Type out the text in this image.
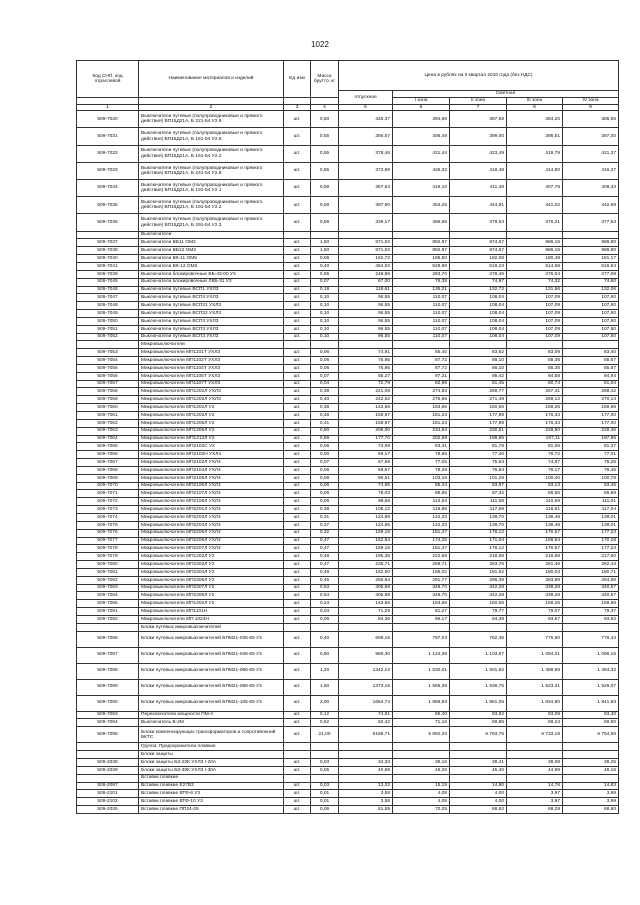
1022
Код СНП, код отраслевой	Наименование материалов и изделий	Ед изм	Масса брутто, кг	Цена в рублях на II квартал 2010 года (без НДС)				
				отпускная	Сметная			
					I зона	II зона	III зона	IV зона
1	2	3	4	5	6	7	8	9
509-7030	Выключатели путевые (полупроводниковые и прямого действия) ВП15Д21А, Б 221-54 У2.8	шт.	0,50	346,37	394,66	387,59	384,20	385,65
509-7031	Выключатели путевые (полупроводниковые и прямого действия) ВП15Д21А, Б 161-54 У2.8	шт.	0,55	356,57	406,49	399,00	395,51	397,00
509-7032	Выключатели путевые (полупроводниковые и прямого действия) ВП15Д21А, Б 161-54 У2.2	шт.	0,55	378,46	431,44	423,49	419,79	421,37
509-7033	Выключатели путевые (полупроводниковые и прямого действия) ВП15Д21А, Б 241-54 У2.8	шт.	0,55	373,99	426,32	418,48	414,80	416,37
509-7034	Выключатели путевые (полупроводниковые и прямого действия) ВП15Д21А, Б 191-54 У2.1	шт.	0,59	367,64	419,10	411,38	407,79	409,33
509-7035	Выключатели путевые (полупроводниковые и прямого действия) ВП15Д21А, Б 191-54 У2.2	шт.	0,59	397,60	453,26	444,91	441,02	442,69
509-7036	Выключатели путевые (полупроводниковые и прямого действия) ВП15Д21А, Б 291-54 У2.3	шт.	0,59	339,17	386,65	379,53	376,21	377,63
	Выключатели							
509-7037	Выключатели ВБ11 ОМ2	шт.	1,50	871,02	992,97	974,67	966,15	969,80
509-7038	Выключатели ВБ12 ОМ2	шт.	1,50	871,02	992,97	974,67	966,15	969,80
509-7040	Выключатели ВК-11 ОМ5	шт.	0,06	162,72	185,50	182,08	180,49	181,17
509-7041	Выключатели ВК-12 ОМ2	шт.	0,40	464,02	528,98	519,23	514,69	516,64
509-7039	Выключатели блокировочные ВБ-43-00 У3	шт.	0,65	248,86	283,70	278,46	276,04	277,08
509-7045	Выключатели блокировочные ЛКБ-31 У3	шт.	0,07	67,00	76,38	74,97	74,32	74,60
509-7046	Выключатели путевые ВСП1 УХЛ3	шт.	0,18	118,61	135,21	132,72	131,56	132,06
509-7047	Выключатели путевые ВСП3 УХЛ3	шт.	0,10	96,55	110,07	108,04	107,09	107,50
509-7048	Выключатели путевые ВСП21 УХЛ3	шт.	0,10	96,55	110,07	108,04	107,09	107,50
509-7049	Выключатели путевые ВСП22 УХЛ3	шт.	0,10	96,55	110,07	108,04	107,09	107,50
509-7050	Выключатели путевые ВСП3 УХЛ3	шт.	0,10	96,55	110,07	108,04	107,09	107,50
509-7051	Выключатели путевые ВСП3 УХЛ3	шт.	0,10	96,55	110,07	108,04	107,09	107,50
509-7052	Выключатели путевые ВСП3 УХЛ3	шт.	0,10	96,55	110,07	108,04	107,09	107,50
	Микровыключатели							
509-7053	Микровыключатели МП1101Т УХЛ3	шт.	0,06	74,91	85,40	83,82	83,09	83,40
509-7054	Микровыключатели МП1102Т УХЛ3	шт.	0,06	76,95	87,72	86,10	85,35	85,67
509-7055	Микровыключатели МП1104Т УХЛ3	шт.	0,06	76,95	87,72	86,10	85,35	85,67
509-7056	Микровыключатели МП1105Т УХЛ3	шт.	0,07	85,27	97,21	95,42	94,58	94,94
509-7057	Микровыключатели МП1107Т УХЛ3	шт.	0,04	72,79	82,98	81,45	80,74	81,04
509-7058	Микровыключатели МП1202Л УХЛ3	шт.	0,39	241,08	274,83	269,77	267,41	268,42
509-7059	Микровыключатели МП1203Л УХЛ3	шт.	0,40	242,62	276,59	271,49	269,12	270,14
509-7060	Микровыключатели МП1302Л У2	шт.	0,38	143,56	163,66	160,66	159,26	159,86
509-7061	Микровыключатели МП1303Л У2	шт.	0,48	158,97	181,23	177,89	176,33	177,00
509-7062	Микровыключатели МП1305Л У2	шт.	0,41	158,97	181,23	177,89	176,33	177,00
509-7063	Микровыключатели МП1306Л У2	шт.	0,80	206,00	234,84	230,51	228,50	229,36
509-7064	Микровыключатели МП1313Л У2	шт.	0,89	177,70	202,58	198,85	197,11	197,85
509-7065	Микровыключатели МП2102С У2	шт.	0,06	73,08	83,31	81,78	81,06	81,37
509-7066	Микровыключатели МП2102Н УХЛ4	шт.	0,00	69,17	78,85	77,40	76,72	77,01
509-7067	Микровыключатели МП2102Л УХЛ4	шт.	0,07	67,58	77,05	75,63	74,97	75,25
509-7068	Микровыключатели МП2104Л УХЛ4	шт.	0,06	68,67	78,28	76,84	76,17	76,45
509-7069	Микровыключатели МП2105Л УХЛ4	шт.	0,08	90,51	103,18	101,29	100,40	100,78
509-7070	Микровыключатели МП2106Л УХЛ4	шт.	0,06	74,95	85,44	83,87	83,13	83,45
509-7071	Микровыключатели МП2107Л УХЛ4	шт.	0,06	78,03	88,95	87,32	86,55	86,88
509-7072	Микровыключатели МП2108Л УХЛ4	шт.	0,06	99,68	113,63	111,58	110,59	111,01
509-7073	Микровыключатели МП2201Л УХЛ4	шт.	0,38	105,12	119,88	117,68	116,61	117,04
509-7074	Микровыключатели МП2203Л УХЛ4	шт.	0,31	124,89	142,33	139,70	138,48	139,01
509-7075	Микровыключатели МП2204Л УХЛ4	шт.	0,37	124,85	142,33	139,70	138,48	139,01
509-7076	Микровыключатели МП2205Л УХЛ4	шт.	0,32	159,18	181,47	178,12	176,57	177,23
509-7077	Микровыключатели МП2206Л УХЛ4	шт.	0,47	152,84	174,25	171,04	169,54	170,18
509-7078	Микровыключатели МП2207Л УХЛ4	шт.	0,47	159,18	181,47	178,12	176,57	177,23
509-7079	Микровыключатели МП1202Л У2	шт.	0,48	195,35	222,69	218,58	216,68	217,50
509-7080	Микровыключатели МП2303Л У2	шт.	0,47	235,71	268,71	263,76	261,46	262,44
509-7081	Микровыключатели МП2304Л У2	шт.	0,49	162,50	185,02	181,62	180,03	180,71
509-7082	Микровыключатели МП2305Л У2	шт.	0,45	255,84	291,77	286,39	283,89	284,96
509-7083	Микровыключатели МП2307Л У2	шт.	0,53	305,68	348,70	342,28	339,28	340,57
509-7084	Микровыключатели МП2308Л У2	шт.	0,54	305,88	348,70	342,28	339,28	340,57
509-7085	Микровыключатели МП1302Л У2	шт.	0,24	143,56	163,66	160,66	159,26	159,86
509-7091	Микровыключатели МП1101Н	шт.	0,04	71,29	81,27	79,77	79,07	79,37
509-7092	Микровыключатели МП 1024Н	шт.	0,06	84,36	96,17	94,39	93,57	93,92
	Блоки путевых микровыключателей							
509-7086	Блоки путевых микровыключателей БПМ21-035-55 У3	шт.	0,40	699,15	797,03	782,35	775,50	778,44
509-7087	Блоки путевых микровыключателей БПМ21-048-55 У3	шт.	0,80	986,30	1 124,38	1 103,67	1 094,01	1 098,15
509-7088	Блоки путевых микровыключателей БПМ21-066-55 У3	шт.	1,20	1342,12	1 530,01	1 501,82	1 488,69	1 494,32
509-7089	Блоки путевых микровыключателей БПМ21-088-55 У3	шт.	1,60	1373,15	1 565,39	1 536,75	1 523,31	1 529,07
509-7090	Блоки путевых микровыключателей БПМ21-105-55 У3	шт.	2,00	1654,74	1 886,83	1 851,05	1 834,90	1 841,83
509-7093	Переключатели мощности ПМ-4	шт.	0,12	74,91	85,40	83,82	83,09	83,40
509-7094	Выключатель В-2М	шт.	0,62	62,42	71,16	69,85	69,24	69,50
509-7095	Блоки компенсирующих трансформаторов и сопротивлений БКТС	шт.	21,00	5188,71	5 892,33	5 783,76	5 733,19	5 754,66
	Группа: Предохранители плавкие							
	Блоки защиты							
509-2038	Блоки защиты БЗ-20К УХЛ3 I-20А	шт.	0,03	34,33	39,16	38,41	38,08	38,25
509-2039	Блоки защиты БЗ-30К УХЛ3 I-30А	шт.	0,05	40,58	46,26	45,40	44,99	45,16
	Вставки плавкие							
509-2097	Вставки плавкие Е27В2	шт.	0,03	13,32	15,19	14,90	14,76	14,83
509-2101	Вставки плавкие ВТФ-6 У3	шт.	0,01	3,58	4,08	4,00	3,97	3,99
509-2102	Вставки плавкие ВТФ-10 У3	шт.	0,01	3,58	4,08	4,00	3,97	3,99
509-2026	Вставки плавкие ПП24-25	шт.	0,06	61,59	70,25	68,92	68,29	68,60
